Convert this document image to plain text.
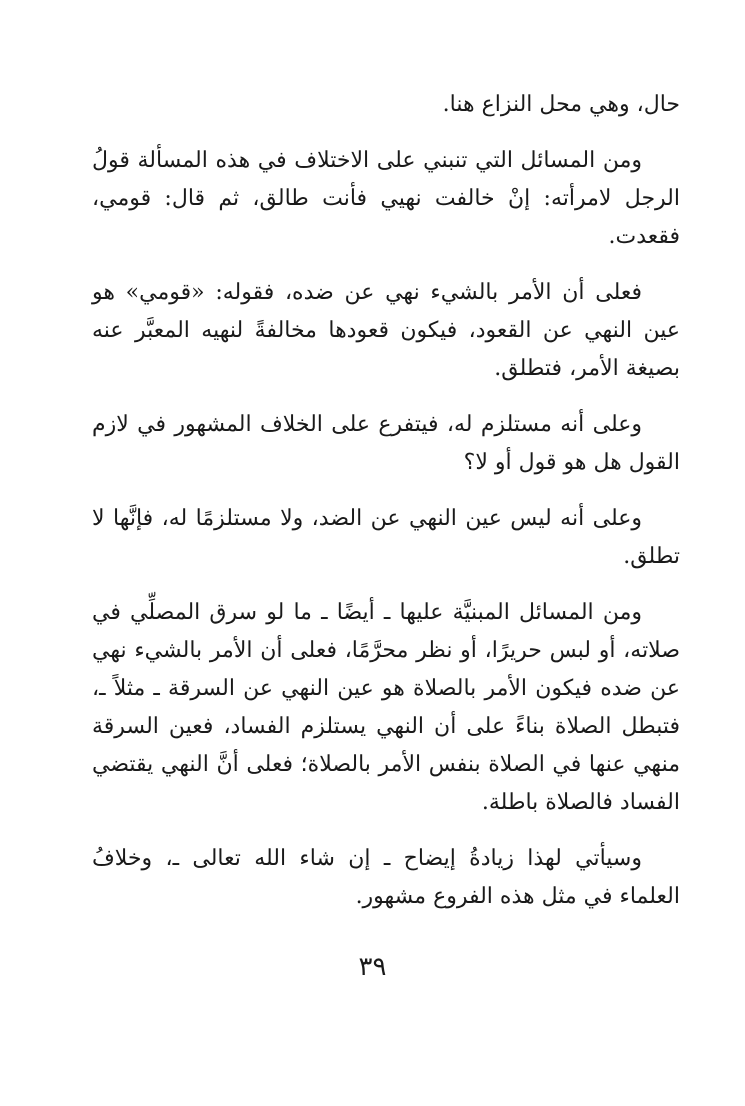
حال، وهي محل النزاع هنا.

ومن المسائل التي تنبني على الاختلاف في هذه المسألة قولُ الرجل لامرأته: إنْ خالفت نهيي فأنت طالق، ثم قال: قومي، فقعدت.

فعلى أن الأمر بالشيء نهي عن ضده، فقوله: «قومي» هو عين النهي عن القعود، فيكون قعودها مخالفةً لنهيه المعبَّر عنه بصيغة الأمر، فتطلق.

وعلى أنه مستلزم له، فيتفرع على الخلاف المشهور في لازم القول هل هو قول أو لا؟

وعلى أنه ليس عين النهي عن الضد، ولا مستلزمًا له، فإنَّها لا تطلق.

ومن المسائل المبنيَّة عليها ـ أيضًا ـ ما لو سرق المصلِّي في صلاته، أو لبس حريرًا، أو نظر محرَّمًا، فعلى أن الأمر بالشيء نهي عن ضده فيكون الأمر بالصلاة هو عين النهي عن السرقة ـ مثلاً ـ، فتبطل الصلاة بناءً على أن النهي يستلزم الفساد، فعين السرقة منهي عنها في الصلاة بنفس الأمر بالصلاة؛ فعلى أنَّ النهي يقتضي الفساد فالصلاة باطلة.

وسيأتي لهذا زيادةُ إيضاح ـ إن شاء الله تعالى ـ، وخلافُ العلماء في مثل هذه الفروع مشهور.

٣٩
